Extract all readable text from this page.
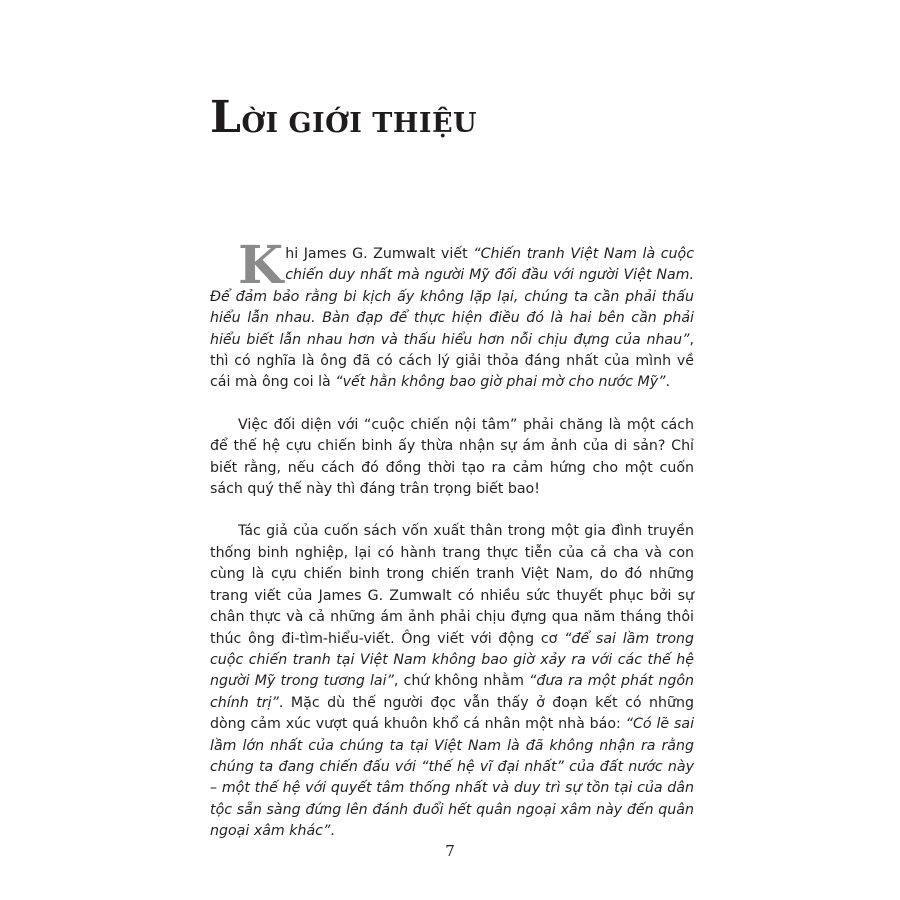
LỜI GIỚI THIỆU

Khi James G. Zumwalt viết “Chiến tranh Việt Nam là cuộc chiến duy nhất mà người Mỹ đối đầu với người Việt Nam. Để đảm bảo rằng bi kịch ấy không lặp lại, chúng ta cần phải thấu hiểu lẫn nhau. Bàn đạp để thực hiện điều đó là hai bên cần phải hiểu biết lẫn nhau hơn và thấu hiểu hơn nỗi chịu đựng của nhau”, thì có nghĩa là ông đã có cách lý giải thỏa đáng nhất của mình về cái mà ông coi là “vết hằn không bao giờ phai mờ cho nước Mỹ”.

Việc đối diện với “cuộc chiến nội tâm” phải chăng là một cách để thế hệ cựu chiến binh ấy thừa nhận sự ám ảnh của di sản? Chỉ biết rằng, nếu cách đó đồng thời tạo ra cảm hứng cho một cuốn sách quý thế này thì đáng trân trọng biết bao!

Tác giả của cuốn sách vốn xuất thân trong một gia đình truyền thống binh nghiệp, lại có hành trang thực tiễn của cả cha và con cùng là cựu chiến binh trong chiến tranh Việt Nam, do đó những trang viết của James G. Zumwalt có nhiều sức thuyết phục bởi sự chân thực và cả những ám ảnh phải chịu đựng qua năm tháng thôi thúc ông đi-tìm-hiểu-viết. Ông viết với động cơ “để sai lầm trong cuộc chiến tranh tại Việt Nam không bao giờ xảy ra với các thế hệ người Mỹ trong tương lai”, chứ không nhằm “đưa ra một phát ngôn chính trị”. Mặc dù thế người đọc vẫn thấy ở đoạn kết có những dòng cảm xúc vượt quá khuôn khổ cá nhân một nhà báo: “Có lẽ sai lầm lớn nhất của chúng ta tại Việt Nam là đã không nhận ra rằng chúng ta đang chiến đấu với “thế hệ vĩ đại nhất” của đất nước này – một thế hệ với quyết tâm thống nhất và duy trì sự tồn tại của dân tộc sẵn sàng đứng lên đánh đuổi hết quân ngoại xâm này đến quân ngoại xâm khác”.

7
